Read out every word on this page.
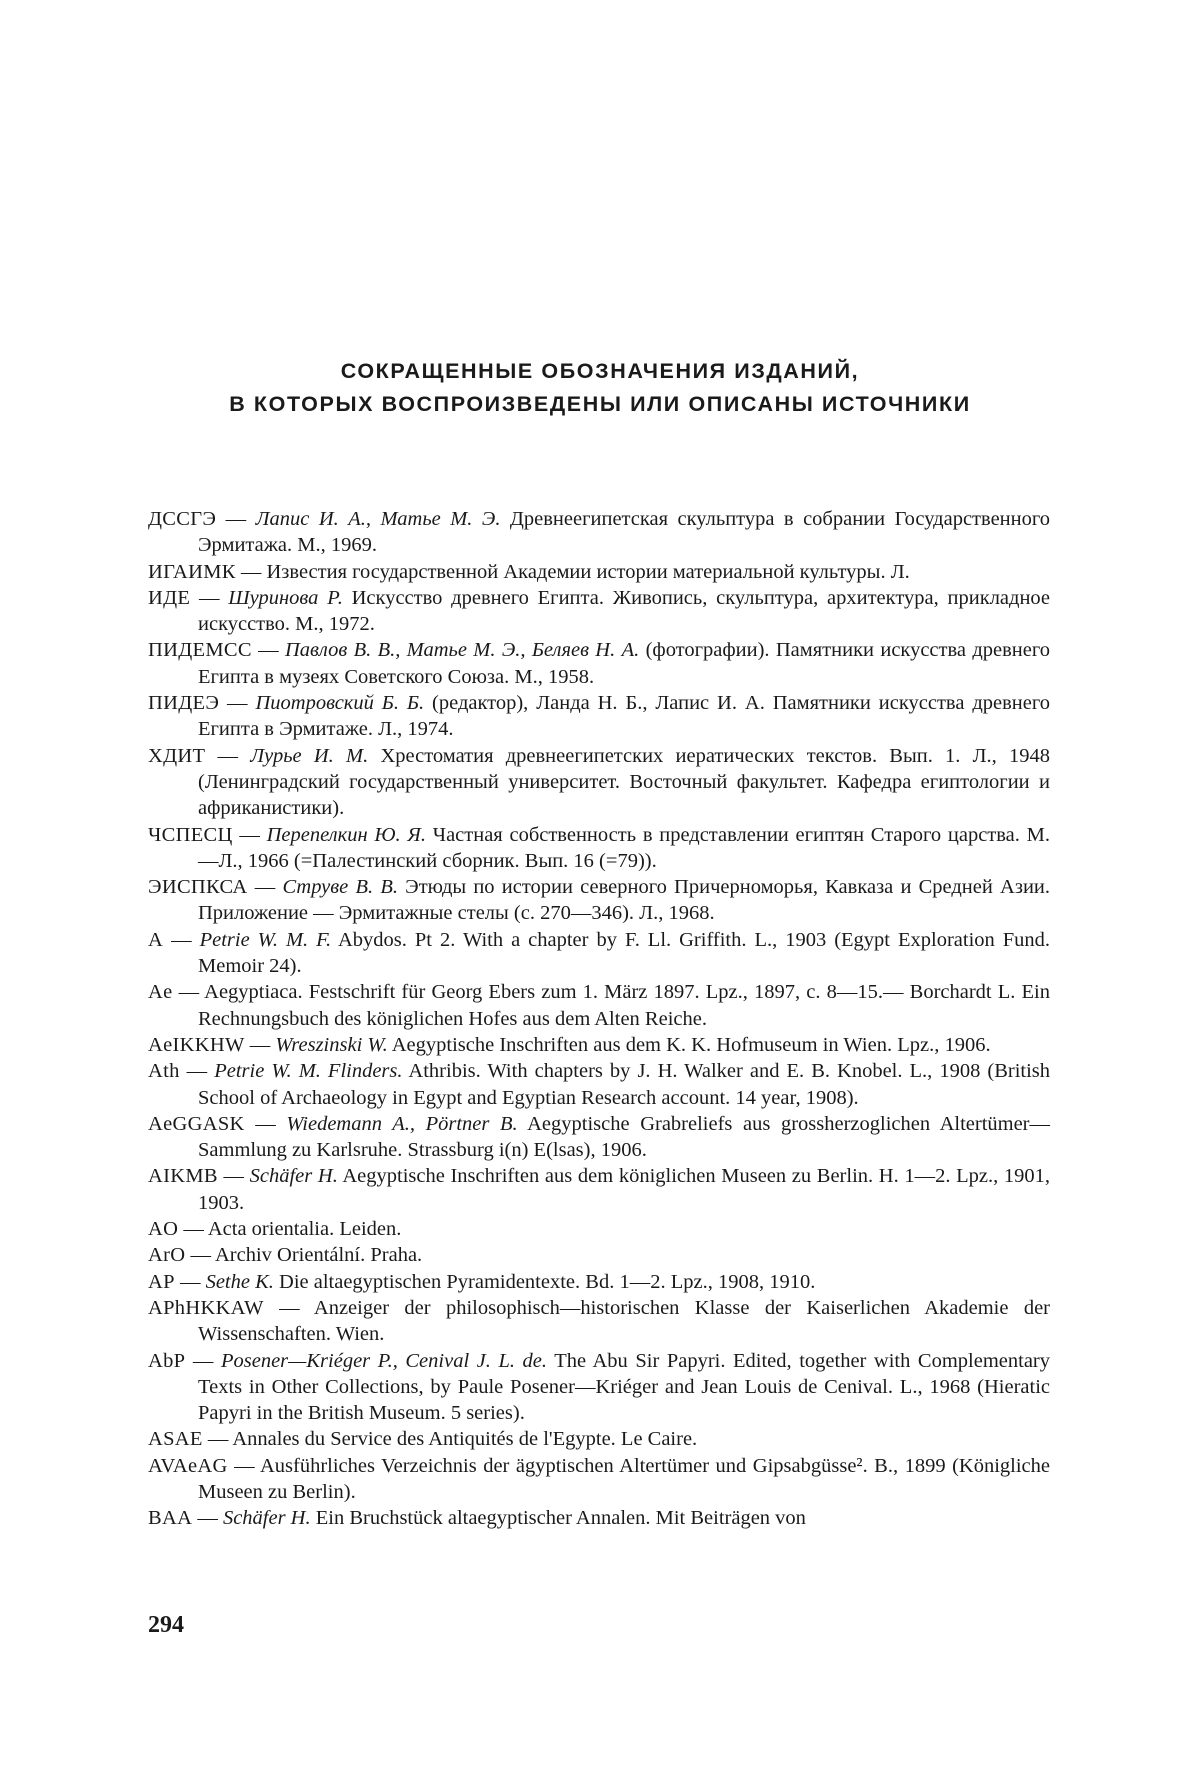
СОКРАЩЕННЫЕ ОБОЗНАЧЕНИЯ ИЗДАНИЙ,
В КОТОРЫХ ВОСПРОИЗВЕДЕНЫ ИЛИ ОПИСАНЫ ИСТОЧНИКИ

ДССГЭ — Лапис И. А., Матье М. Э. Древнеегипетская скульптура в собрании Государственного Эрмитажа. М., 1969.

ИГАИМК — Известия государственной Академии истории материальной культуры. Л.

ИДЕ — Шуринова Р. Искусство древнего Египта. Живопись, скульптура, архитектура, прикладное искусство. М., 1972.

ПИДЕМСС — Павлов В. В., Матье М. Э., Беляев Н. А. (фотографии). Памятники искусства древнего Египта в музеях Советского Союза. М., 1958.

ПИДЕЭ — Пиотровский Б. Б. (редактор), Ланда Н. Б., Лапис И. А. Памятники искусства древнего Египта в Эрмитаже. Л., 1974.

ХДИТ — Лурье И. М. Хрестоматия древнеегипетских иератических текстов. Вып. 1. Л., 1948 (Ленинградский государственный университет. Восточный факультет. Кафедра египтологии и африканистики).

ЧСПЕСЦ — Перепелкин Ю. Я. Частная собственность в представлении египтян Старого царства. М.—Л., 1966 (=Палестинский сборник. Вып. 16 (=79)).

ЭИСПКСА — Струве В. В. Этюды по истории северного Причерноморья, Кавказа и Средней Азии. Приложение — Эрмитажные стелы (с. 270—346). Л., 1968.

A — Petrie W. M. F. Abydos. Pt 2. With a chapter by F. Ll. Griffith. L., 1903 (Egypt Exploration Fund. Memoir 24).

Ae — Aegyptiaca. Festschrift für Georg Ebers zum 1. März 1897. Lpz., 1897, c. 8—15.— Borchardt L. Ein Rechnungsbuch des königlichen Hofes aus dem Alten Reiche.

AeIKKHW — Wreszinski W. Aegyptische Inschriften aus dem K. K. Hofmuseum in Wien. Lpz., 1906.

Ath — Petrie W. M. Flinders. Athribis. With chapters by J. H. Walker and E. B. Knobel. L., 1908 (British School of Archaeology in Egypt and Egyptian Research account. 14 year, 1908).

AeGGASK — Wiedemann A., Pörtner B. Aegyptische Grabreliefs aus grossherzoglichen Altertümer—Sammlung zu Karlsruhe. Strassburg i(n) E(lsas), 1906.

AIKMB — Schäfer H. Aegyptische Inschriften aus dem königlichen Museen zu Berlin. H. 1—2. Lpz., 1901, 1903.

AO — Acta orientalia. Leiden.

ArO — Archiv Orientální. Praha.

AP — Sethe K. Die altaegyptischen Pyramidentexte. Bd. 1—2. Lpz., 1908, 1910.

APhHKKAW — Anzeiger der philosophisch—historischen Klasse der Kaiserlichen Akademie der Wissenschaften. Wien.

AbP — Posener—Kriéger P., Cenival J. L. de. The Abu Sir Papyri. Edited, together with Complementary Texts in Other Collections, by Paule Posener—Kriéger and Jean Louis de Cenival. L., 1968 (Hieratic Papyri in the British Museum. 5 series).

ASAE — Annales du Service des Antiquités de l'Egypte. Le Caire.

AVAeAG — Ausführliches Verzeichnis der ägyptischen Altertümer und Gipsabgüsse². B., 1899 (Königliche Museen zu Berlin).

BAA — Schäfer H. Ein Bruchstück altaegyptischer Annalen. Mit Beiträgen von

294
